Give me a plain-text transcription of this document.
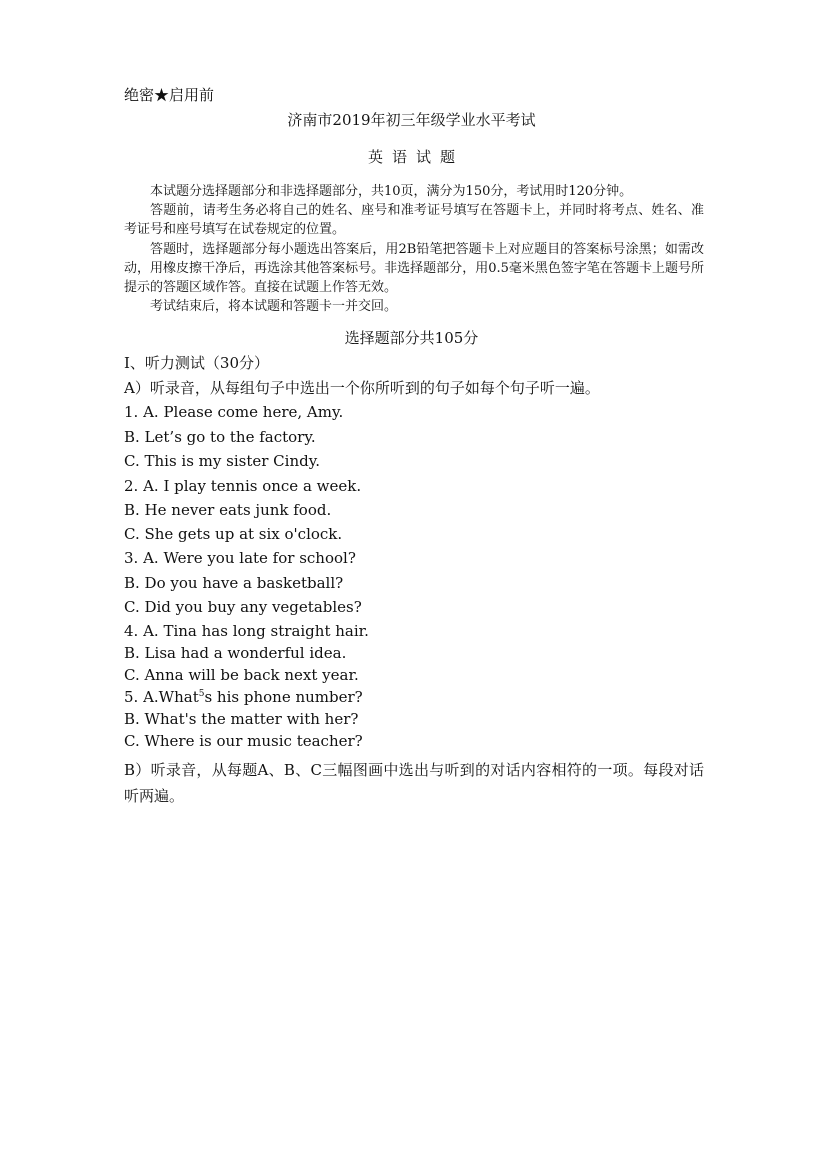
绝密★启用前
济南市2019年初三年级学业水平考试
英语试题

本试题分选择题部分和非选择题部分，共10页，满分为150分，考试用时120分钟。

答题前，请考生务必将自己的姓名、座号和准考证号填写在答题卡上，并同时将考点、姓名、准考证号和座号填写在试卷规定的位置。

答题时，选择题部分每小题选出答案后，用2B铅笔把答题卡上对应题目的答案标号涂黑；如需改动，用橡皮擦干净后，再选涂其他答案标号。非选择题部分，用0.5毫米黑色签字笔在答题卡上题号所提示的答题区域作答。直接在试题上作答无效。

考试结束后，将本试题和答题卡一并交回。

选择题部分共105分
I、听力测试（30分）
A）听录音，从每组句子中选出一个你所听到的句子如每个句子听一遍。
1. A. Please come here, Amy.
B. Let’s go to the factory.
C. This is my sister Cindy.
2. A. I play tennis once a week.
B. He never eats junk food.
C. She gets up at six o'clock.
3. A. Were you late for school?
B. Do you have a basketball?
C. Did you buy any vegetables?
4. A. Tina has long straight hair.
B. Lisa had a wonderful idea.
C. Anna will be back next year.
5. A.What$^5$s his phone number?
B. What's the matter with her?
C. Where is our music teacher?

B）听录音，从每题A、B、C三幅图画中选出与听到的对话内容相符的一项。每段对话听两遍。
